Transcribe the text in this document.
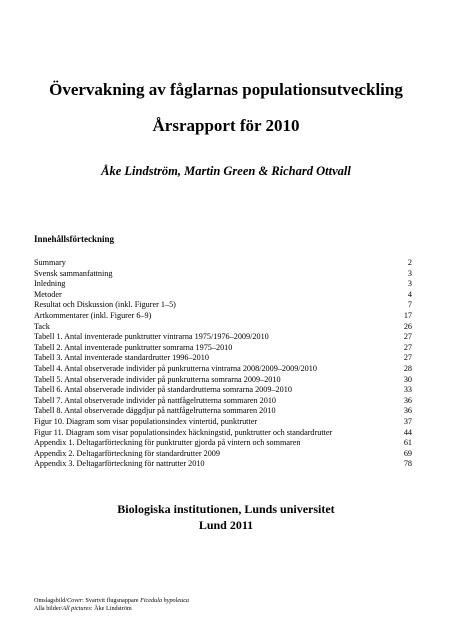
Övervakning av fåglarnas populationsutveckling
Årsrapport för 2010
Åke Lindström, Martin Green & Richard Ottvall
Innehållsförteckning
Summary	2
Svensk sammanfattning	3
Inledning	3
Metoder	4
Resultat och Diskussion (inkl. Figurer 1–5)	7
Artkommentarer (inkl. Figurer 6–9)	17
Tack	26
Tabell 1. Antal inventerade punktrutter vintrarna 1975/1976–2009/2010	27
Tabell 2. Antal inventerade punktrutter somrarna 1975–2010	27
Tabell 3. Antal inventerade standardrutter 1996–2010	27
Tabell 4. Antal observerade individer på punkrutterna vintrarna 2008/2009–2009/2010	28
Tabell 5. Antal observerade individer på punkrutterna somrarna 2009–2010	30
Tabell 6. Antal observerade individer på standardrutterna somrarna 2009–2010	33
Tabell 7. Antal observerade individer på nattfågelrutterna sommaren 2010	36
Tabell 8. Antal observerade däggdjur på nattfågelrutterna sommaren 2010	36
Figur 10. Diagram som visar populationsindex vintertid, punktrutter	37
Figur 11. Diagram som visar populationsindex häckningstid, punktrutter och standardrutter	44
Appendix 1. Deltagarförteckning för punktrutter gjorda på vintern och sommaren	61
Appendix 2. Deltagarförteckning för standardrutter 2009	69
Appendix 3. Deltagarförteckning för nattrutter 2010	78
Biologiska institutionen, Lunds universitet
Lund 2011
Omslagsbild/Cover: Svartvit flugsnappare Ficedula hypoleuca
Alla bilder/All pictures: Åke Lindström
